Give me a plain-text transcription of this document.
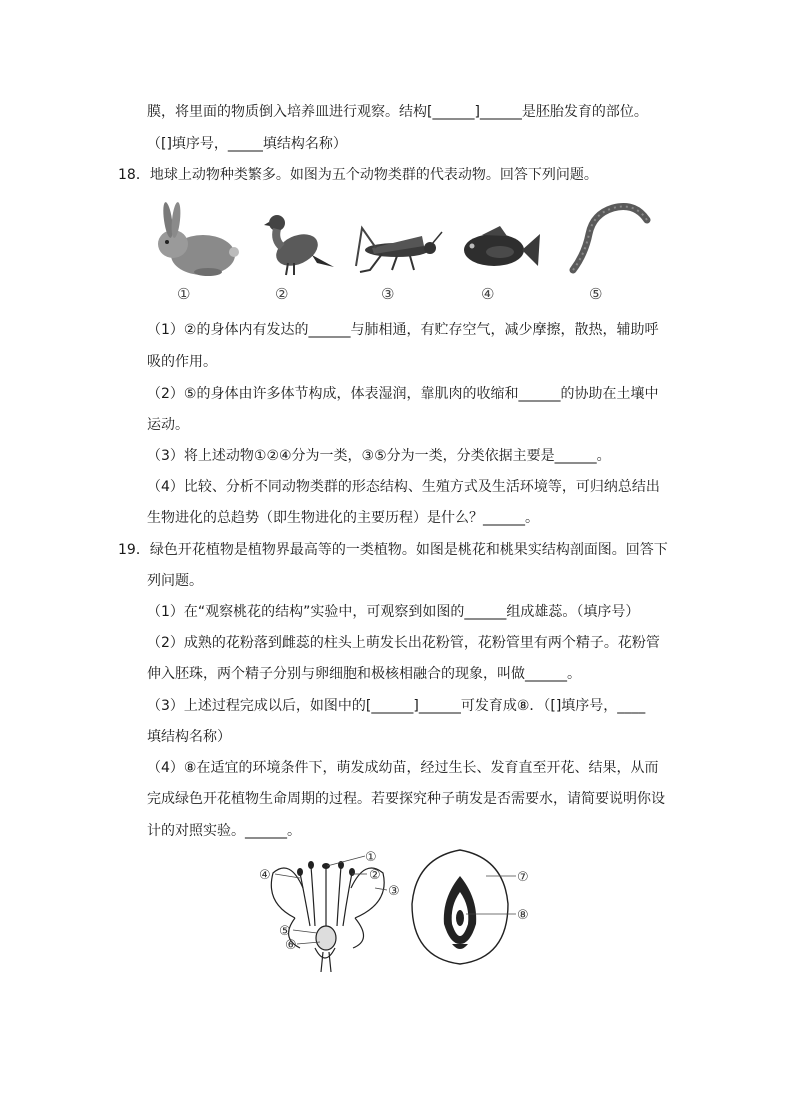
膜，将里面的物质倒入培养皿进行观察。结构[______]______是胚胎发育的部位。
（[]填序号，_____填结构名称）
18．地球上动物种类繁多。如图为五个动物类群的代表动物。回答下列问题。
①	②	③	④	⑤
（1）②的身体内有发达的______与肺相通，有贮存空气，减少摩擦，散热，辅助呼
吸的作用。
（2）⑤的身体由许多体节构成，体表湿润，靠肌肉的收缩和______的协助在土壤中
运动。
（3）将上述动物①②④分为一类，③⑤分为一类，分类依据主要是______。
（4）比较、分析不同动物类群的形态结构、生殖方式及生活环境等，可归纳总结出
生物进化的总趋势（即生物进化的主要历程）是什么？______。
19．绿色开花植物是植物界最高等的一类植物。如图是桃花和桃果实结构剖面图。回答下
列问题。
（1）在“观察桃花的结构”实验中，可观察到如图的______组成雄蕊。（填序号）
（2）成熟的花粉落到雌蕊的柱头上萌发长出花粉管，花粉管里有两个精子。花粉管
伸入胚珠，两个精子分别与卵细胞和极核相融合的现象，叫做______。
（3）上述过程完成以后，如图中的[______]______可发育成⑧．（[]填序号，____
填结构名称）
（4）⑧在适宜的环境条件下，萌发成幼苗，经过生长、发育直至开花、结果，从而
完成绿色开花植物生命周期的过程。若要探究种子萌发是否需要水，请简要说明你设
计的对照实验。______。
①
②
③
④
⑤
⑥
⑦
⑧
